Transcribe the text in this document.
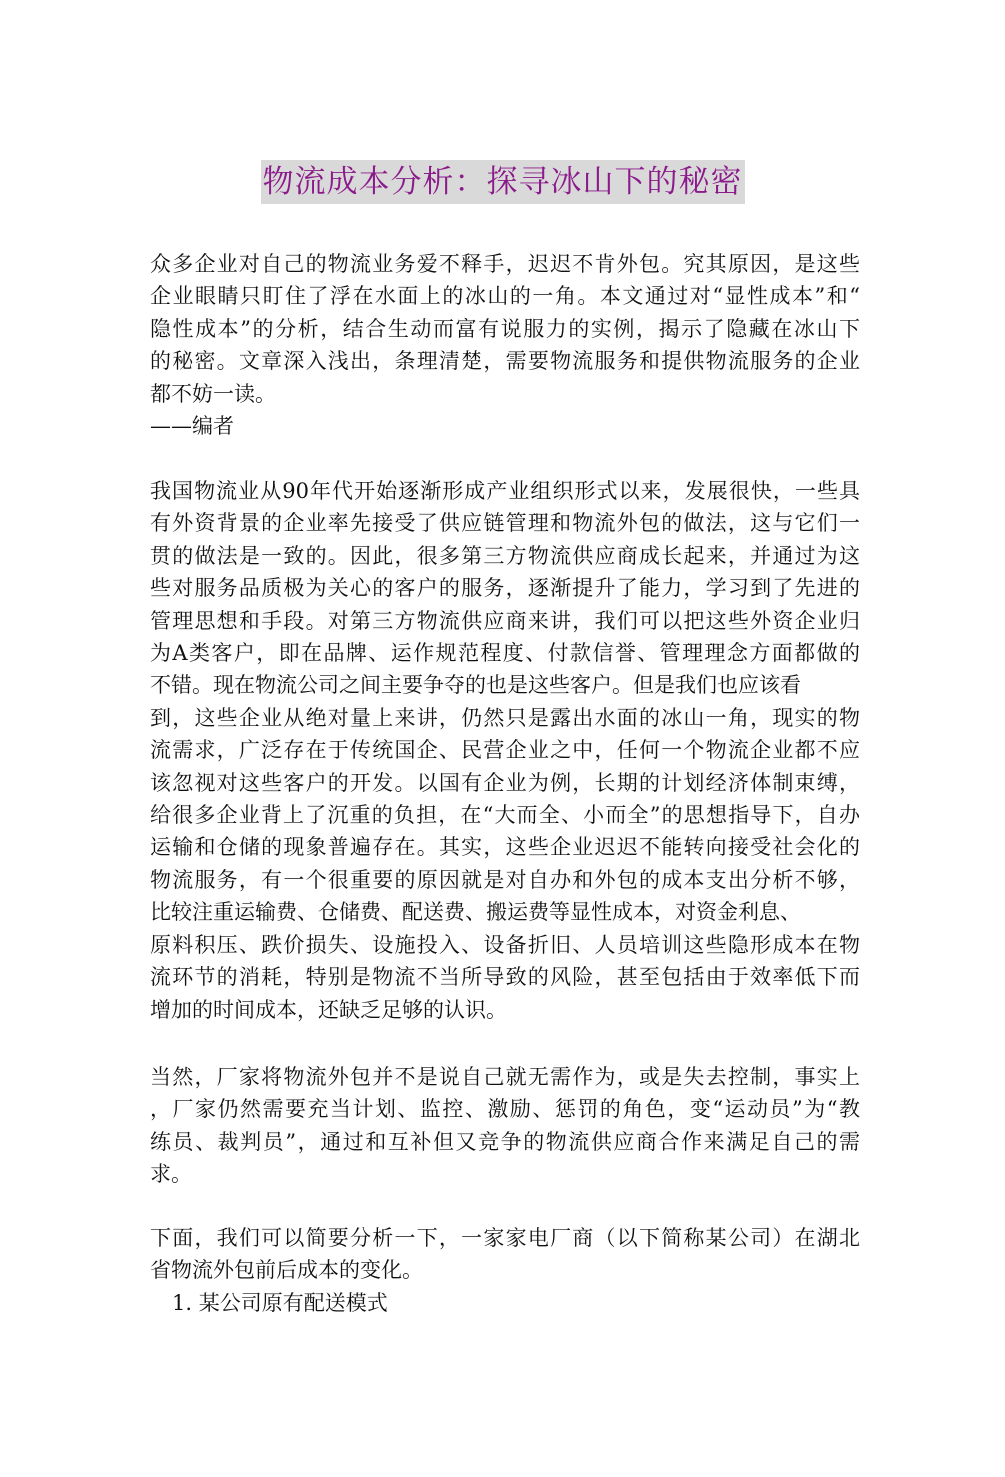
物流成本分析：探寻冰山下的秘密
众多企业对自己的物流业务爱不释手，迟迟不肯外包。究其原因，是这些
企业眼睛只盯住了浮在水面上的冰山的一角。本文通过对“显性成本”和“
隐性成本”的分析，结合生动而富有说服力的实例，揭示了隐藏在冰山下
的秘密。文章深入浅出，条理清楚，需要物流服务和提供物流服务的企业
都不妨一读。
——编者
我国物流业从90年代开始逐渐形成产业组织形式以来，发展很快，一些具
有外资背景的企业率先接受了供应链管理和物流外包的做法，这与它们一
贯的做法是一致的。因此，很多第三方物流供应商成长起来，并通过为这
些对服务品质极为关心的客户的服务，逐渐提升了能力，学习到了先进的
管理思想和手段。对第三方物流供应商来讲，我们可以把这些外资企业归
为A类客户，即在品牌、运作规范程度、付款信誉、管理理念方面都做的
不错。现在物流公司之间主要争夺的也是这些客户。但是我们也应该看
到，这些企业从绝对量上来讲，仍然只是露出水面的冰山一角，现实的物
流需求，广泛存在于传统国企、民营企业之中，任何一个物流企业都不应
该忽视对这些客户的开发。以国有企业为例，长期的计划经济体制束缚，
给很多企业背上了沉重的负担，在“大而全、小而全”的思想指导下，自办
运输和仓储的现象普遍存在。其实，这些企业迟迟不能转向接受社会化的
物流服务，有一个很重要的原因就是对自办和外包的成本支出分析不够，
比较注重运输费、仓储费、配送费、搬运费等显性成本，对资金利息、
原料积压、跌价损失、设施投入、设备折旧、人员培训这些隐形成本在物
流环节的消耗，特别是物流不当所导致的风险，甚至包括由于效率低下而
增加的时间成本，还缺乏足够的认识。
当然，厂家将物流外包并不是说自己就无需作为，或是失去控制，事实上
，厂家仍然需要充当计划、监控、激励、惩罚的角色，变“运动员”为“教
练员、裁判员”，通过和互补但又竞争的物流供应商合作来满足自己的需
求。
下面，我们可以简要分析一下，一家家电厂商（以下简称某公司）在湖北
省物流外包前后成本的变化。
1. 某公司原有配送模式
